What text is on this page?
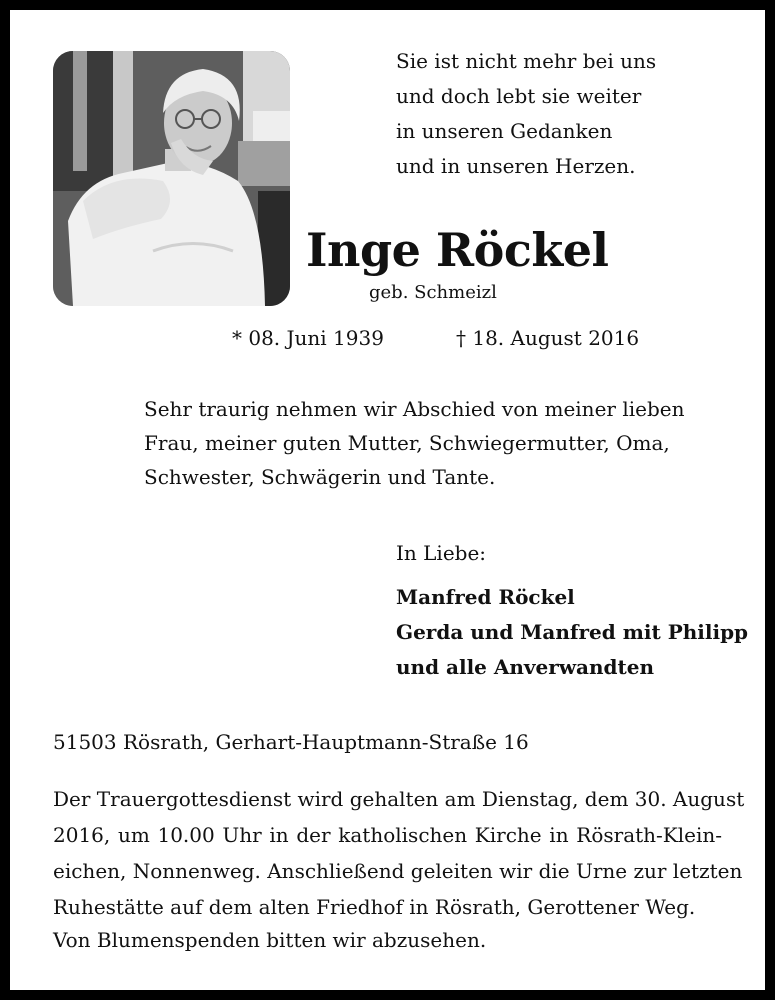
Sie ist nicht mehr bei uns
und doch lebt sie weiter
in unseren Gedanken
und in unseren Herzen.
Inge Röckel
geb. Schmeizl
* 08. Juni 1939	† 18. August 2016
Sehr traurig nehmen wir Abschied von meiner lieben
Frau, meiner guten Mutter, Schwiegermutter, Oma,
Schwester, Schwägerin und Tante.
In Liebe:
Manfred Röckel
Gerda und Manfred mit Philipp
und alle Anverwandten
51503 Rösrath, Gerhart-Hauptmann-Straße 16
Der Trauergottesdienst wird gehalten am Dienstag, dem 30. August
2016, um 10.00 Uhr in der katholischen Kirche in Rösrath-Klein-
eichen, Nonnenweg. Anschließend geleiten wir die Urne zur letzten
Ruhestätte auf dem alten Friedhof in Rösrath, Gerottener Weg.
Von Blumenspenden bitten wir abzusehen.
